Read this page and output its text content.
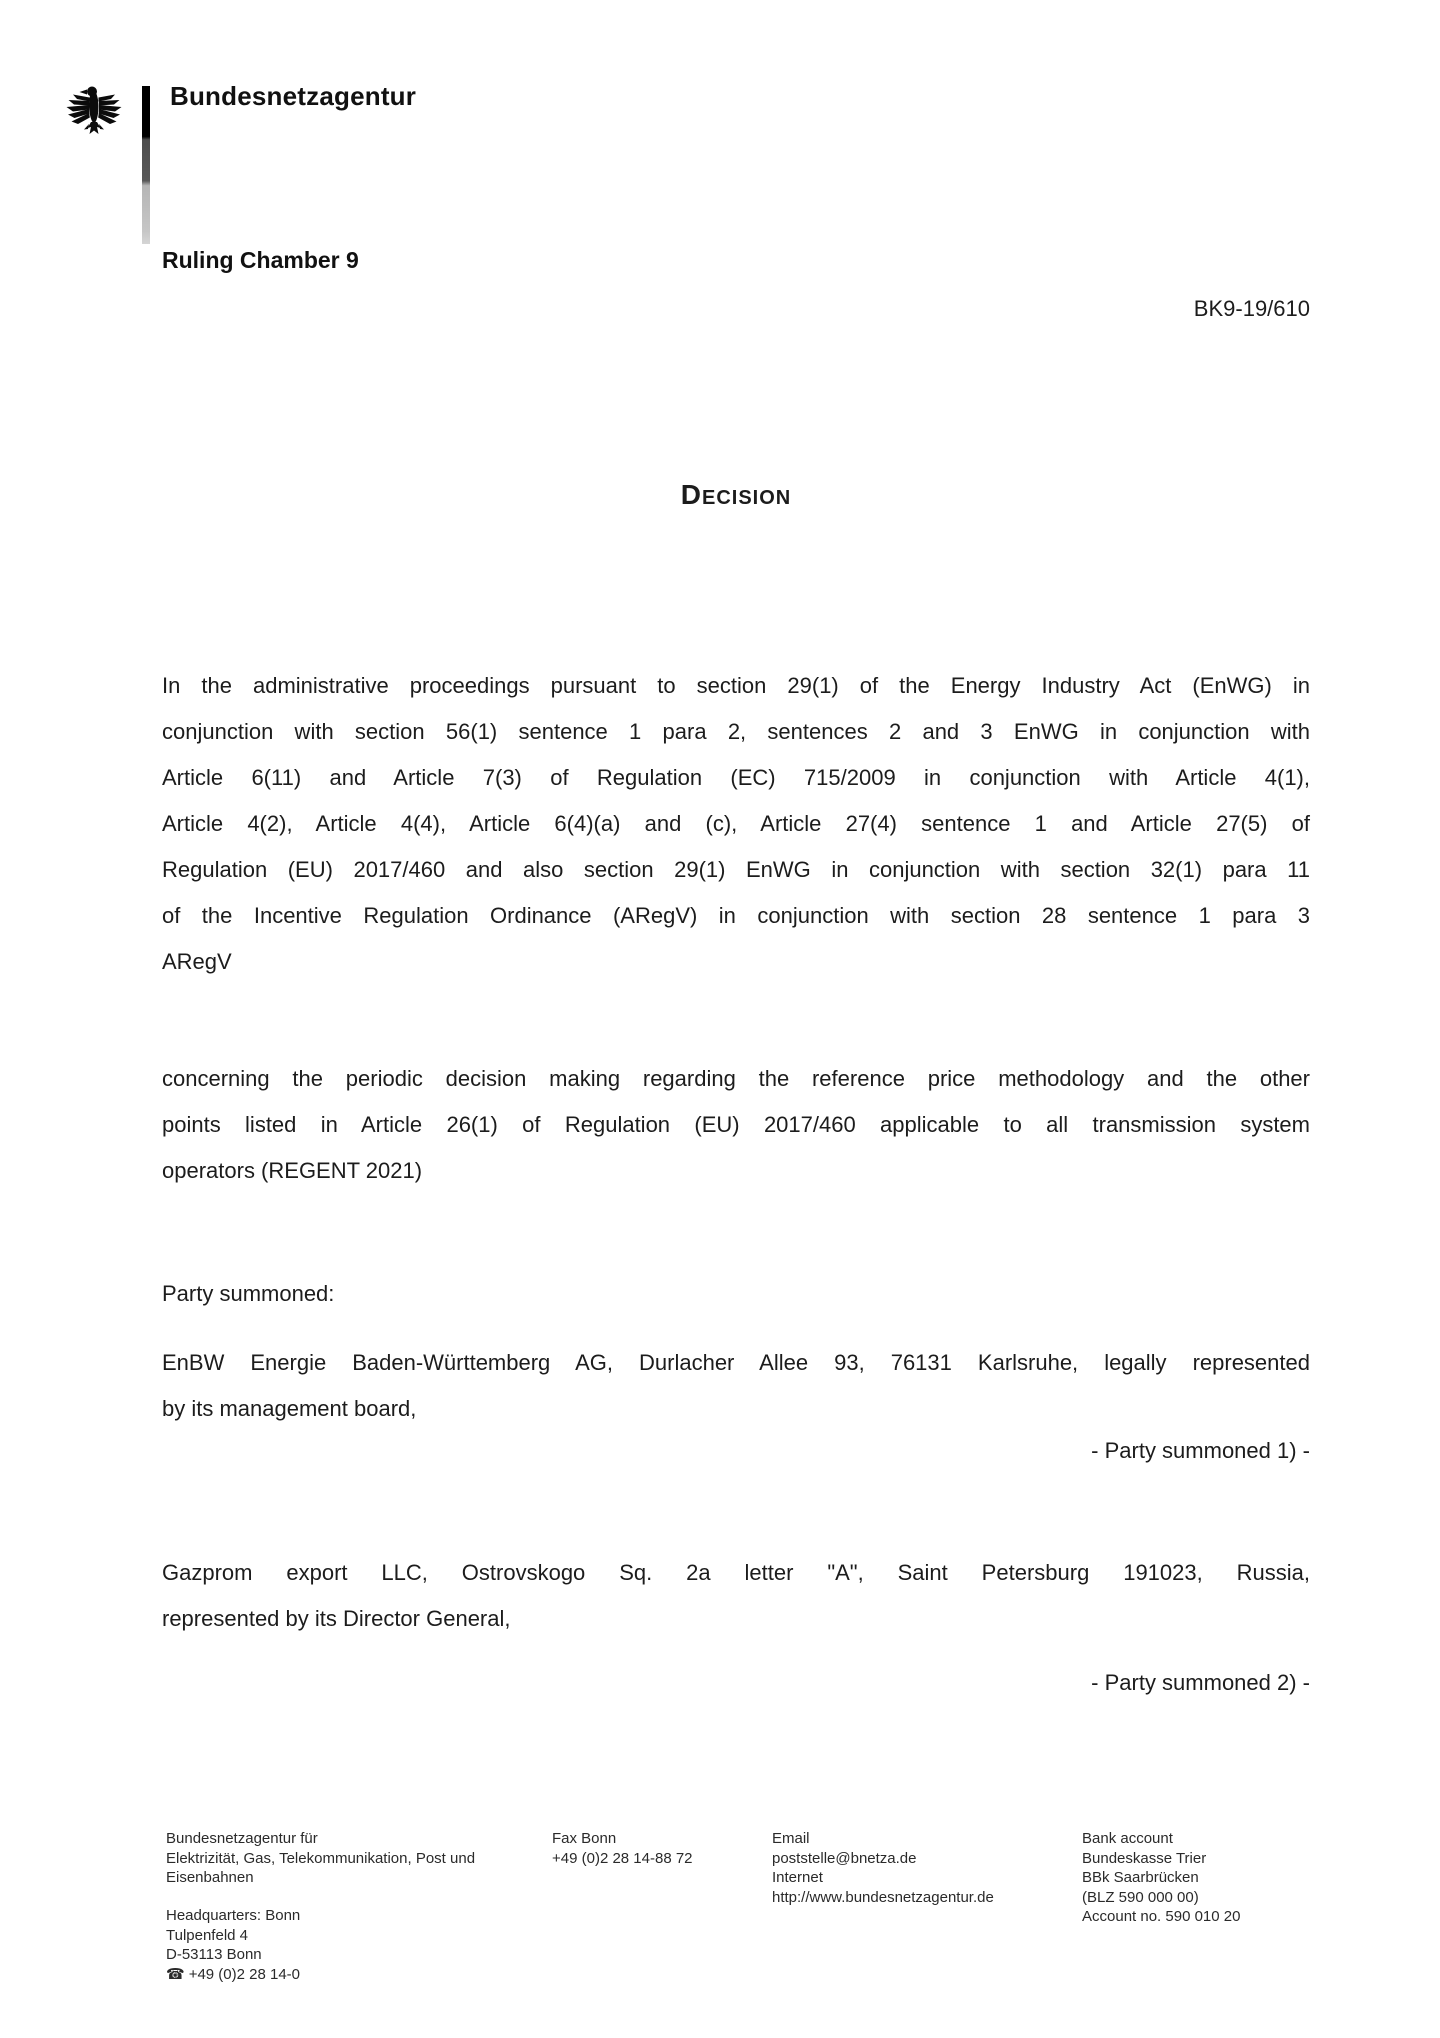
Bundesnetzagentur
Ruling Chamber 9
BK9-19/610
Decision
In the administrative proceedings pursuant to section 29(1) of the Energy Industry Act (EnWG) in
conjunction with section 56(1) sentence 1 para 2, sentences 2 and 3 EnWG in conjunction with
Article 6(11) and Article 7(3) of Regulation (EC) 715/2009 in conjunction with Article 4(1),
Article 4(2), Article 4(4), Article 6(4)(a) and (c), Article 27(4) sentence 1 and Article 27(5) of
Regulation (EU) 2017/460 and also section 29(1) EnWG in conjunction with section 32(1) para 11
of the Incentive Regulation Ordinance (ARegV) in conjunction with section 28 sentence 1 para 3
ARegV
concerning the periodic decision making regarding the reference price methodology and the other
points listed in Article 26(1) of Regulation (EU) 2017/460 applicable to all transmission system
operators (REGENT 2021)
Party summoned:
EnBW Energie Baden-Württemberg AG, Durlacher Allee 93, 76131 Karlsruhe, legally represented
by its management board,
- Party summoned 1) -
Gazprom export LLC, Ostrovskogo Sq. 2a letter "A", Saint Petersburg 191023, Russia,
represented by its Director General,
- Party summoned 2) -
Bundesnetzagentur für
Elektrizität, Gas, Telekommunikation, Post und
Eisenbahnen
Headquarters: Bonn
Tulpenfeld 4
D-53113 Bonn
☎ +49 (0)2 28 14-0
Fax Bonn
+49 (0)2 28 14-88 72
Email
poststelle@bnetza.de
Internet
http://www.bundesnetzagentur.de
Bank account
Bundeskasse Trier
BBk Saarbrücken
(BLZ 590 000 00)
Account no. 590 010 20
